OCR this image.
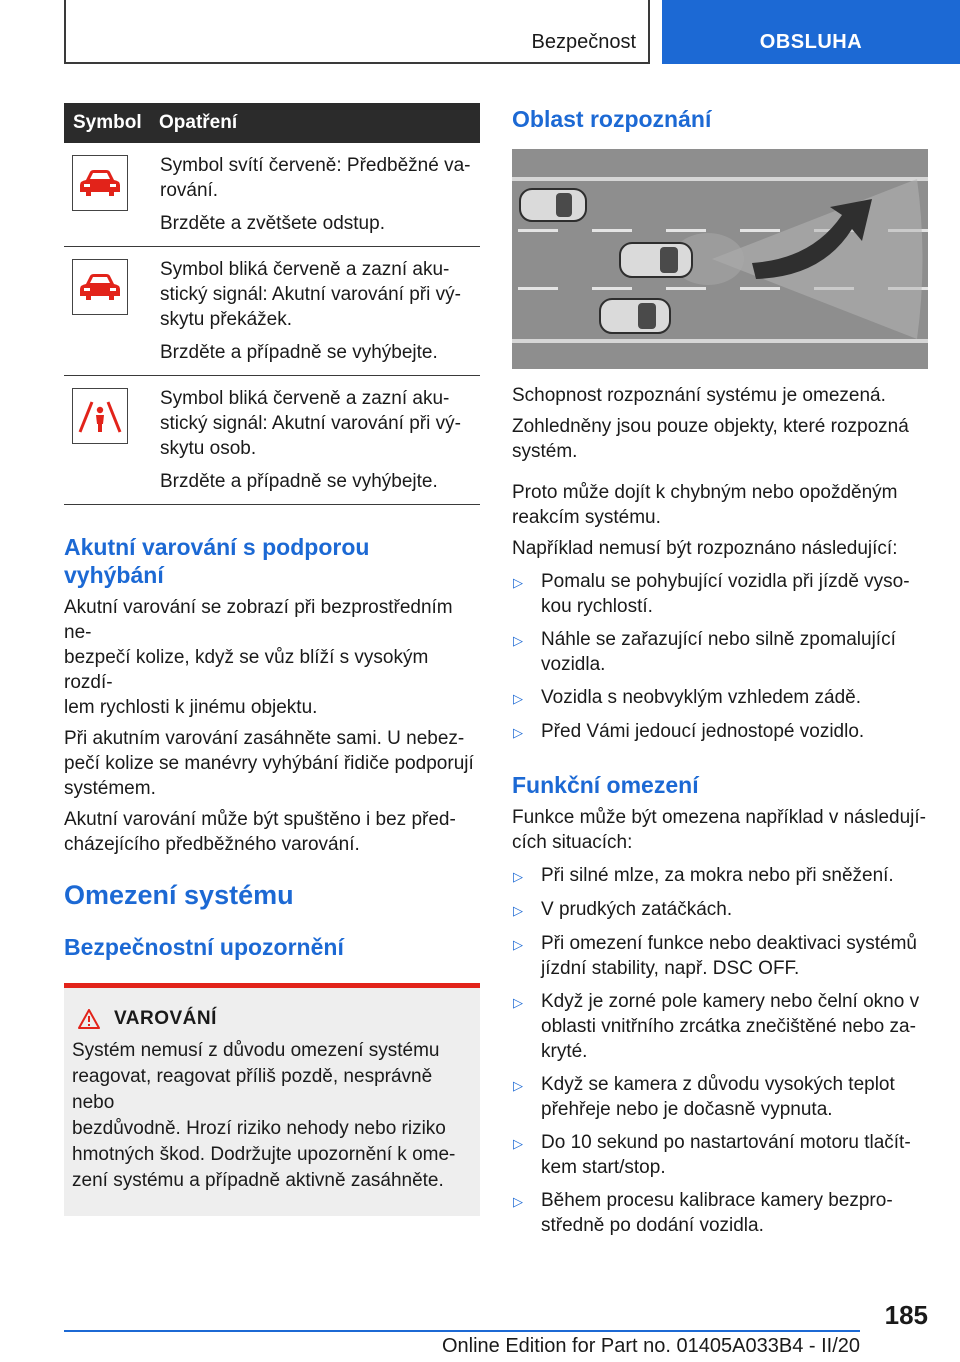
Bezpečnost	OBSLUHA
Symbol Opatření

Symbol svítí červeně: Předběžné va-
rování.

Brzděte a zvětšete odstup.

Symbol bliká červeně a zazní aku-
stický signál: Akutní varování při vý-
skytu překážek.

Brzděte a případně se vyhýbejte.

Symbol bliká červeně a zazní aku-
stický signál: Akutní varování při vý-
skytu osob.

Brzděte a případně se vyhýbejte.

Akutní varování s podporou
vyhýbání

Akutní varování se zobrazí při bezprostředním ne-
bezpečí kolize, když se vůz blíží s vysokým rozdí-
lem rychlosti k jinému objektu.

Při akutním varování zasáhněte sami. U nebez-
pečí kolize se manévry vyhýbání řidiče podporují
systémem.

Akutní varování může být spuštěno i bez před-
cházejícího předběžného varování.

Omezení systému
Bezpečnostní upozornění
VAROVÁNÍ

Systém nemusí z důvodu omezení systému
reagovat, reagovat příliš pozdě, nesprávně nebo
bezdůvodně. Hrozí riziko nehody nebo riziko
hmotných škod. Dodržujte upozornění k ome-
zení systému a případně aktivně zasáhněte.

Oblast rozpoznání

Schopnost rozpoznání systému je omezená.

Zohledněny jsou pouze objekty, které rozpozná
systém.

Proto může dojít k chybným nebo opožděným
reakcím systému.

Například nemusí být rozpoznáno následující:

▷ Pomalu se pohybující vozidla při jízdě vyso-
kou rychlostí.
▷ Náhle se zařazující nebo silně zpomalující
vozidla.
▷ Vozidla s neobvyklým vzhledem zádě.
▷ Před Vámi jedoucí jednostopé vozidlo.
Funkční omezení

Funkce může být omezena například v následují-
cích situacích:

▷ Při silné mlze, za mokra nebo při sněžení.
▷ V prudkých zatáčkách.
▷ Při omezení funkce nebo deaktivaci systémů
jízdní stability, např. DSC OFF.
▷ Když je zorné pole kamery nebo čelní okno v
oblasti vnitřního zrcátka znečištěné nebo za-
kryté.
▷ Když se kamera z důvodu vysokých teplot
přehřeje nebo je dočasně vypnuta.
▷ Do 10 sekund po nastartování motoru tlačít-
kem start/stop.
▷ Během procesu kalibrace kamery bezpro-
středně po dodání vozidla.
185
Online Edition for Part no. 01405A033B4 - II/20
